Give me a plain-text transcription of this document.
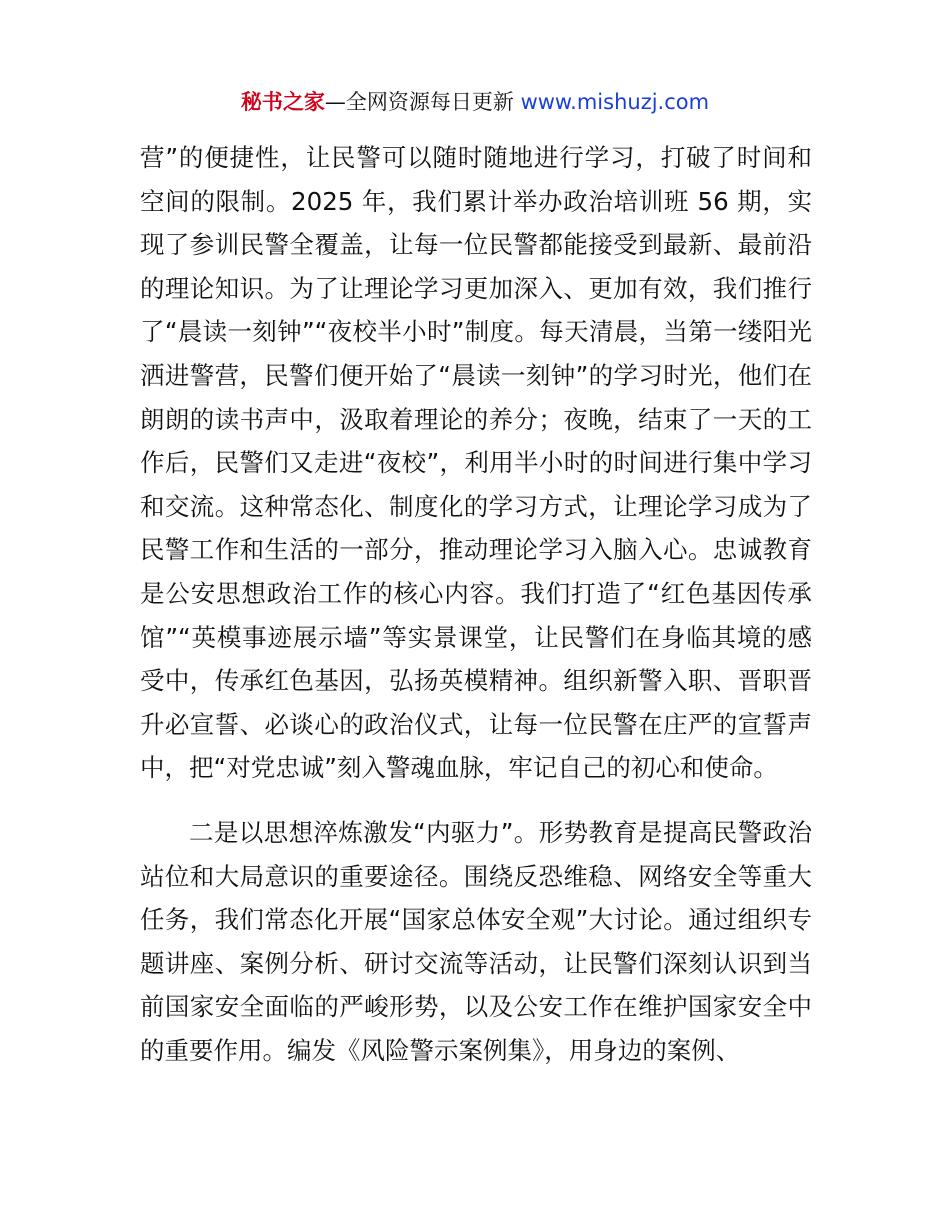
秘书之家—全网资源每日更新 www.mishuzj.com

营”的便捷性，让民警可以随时随地进行学习，打破了时间和空间的限制。2025 年，我们累计举办政治培训班 56 期，实现了参训民警全覆盖，让每一位民警都能接受到最新、最前沿的理论知识。为了让理论学习更加深入、更加有效，我们推行了“晨读一刻钟”“夜校半小时”制度。每天清晨，当第一缕阳光洒进警营，民警们便开始了“晨读一刻钟”的学习时光，他们在朗朗的读书声中，汲取着理论的养分；夜晚，结束了一天的工作后，民警们又走进“夜校”，利用半小时的时间进行集中学习和交流。这种常态化、制度化的学习方式，让理论学习成为了民警工作和生活的一部分，推动理论学习入脑入心。忠诚教育是公安思想政治工作的核心内容。我们打造了“红色基因传承馆”“英模事迹展示墙”等实景课堂，让民警们在身临其境的感受中，传承红色基因，弘扬英模精神。组织新警入职、晋职晋升必宣誓、必谈心的政治仪式，让每一位民警在庄严的宣誓声中，把“对党忠诚”刻入警魂血脉，牢记自己的初心和使命。

二是以思想淬炼激发“内驱力”。形势教育是提高民警政治站位和大局意识的重要途径。围绕反恐维稳、网络安全等重大任务，我们常态化开展“国家总体安全观”大讨论。通过组织专题讲座、案例分析、研讨交流等活动，让民警们深刻认识到当前国家安全面临的严峻形势，以及公安工作在维护国家安全中的重要作用。编发《风险警示案例集》，用身边的案例、
